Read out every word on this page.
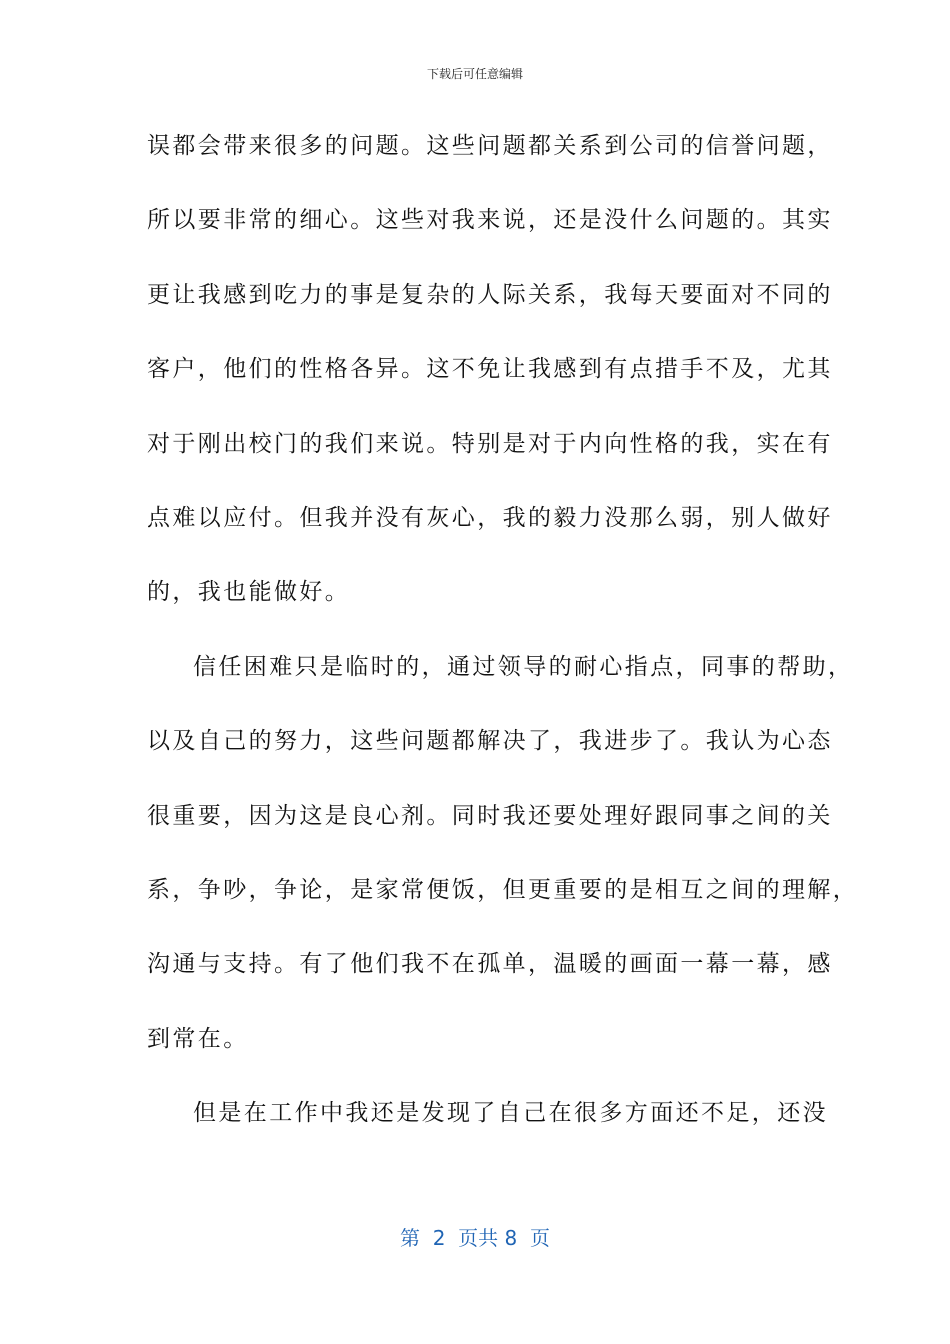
下载后可任意编辑
误都会带来很多的问题。这些问题都关系到公司的信誉问题，
所以要非常的细心。这些对我来说，还是没什么问题的。其实
更让我感到吃力的事是复杂的人际关系，我每天要面对不同的
客户，他们的性格各异。这不免让我感到有点措手不及，尤其
对于刚出校门的我们来说。特别是对于内向性格的我，实在有
点难以应付。但我并没有灰心，我的毅力没那么弱，别人做好
的，我也能做好。
信任困难只是临时的，通过领导的耐心指点，同事的帮助，
以及自己的努力，这些问题都解决了，我进步了。我认为心态
很重要，因为这是良心剂。同时我还要处理好跟同事之间的关
系，争吵，争论，是家常便饭，但更重要的是相互之间的理解，
沟通与支持。有了他们我不在孤单，温暖的画面一幕一幕，感
到常在。
但是在工作中我还是发现了自己在很多方面还不足，还没
第  2  页共 8  页
